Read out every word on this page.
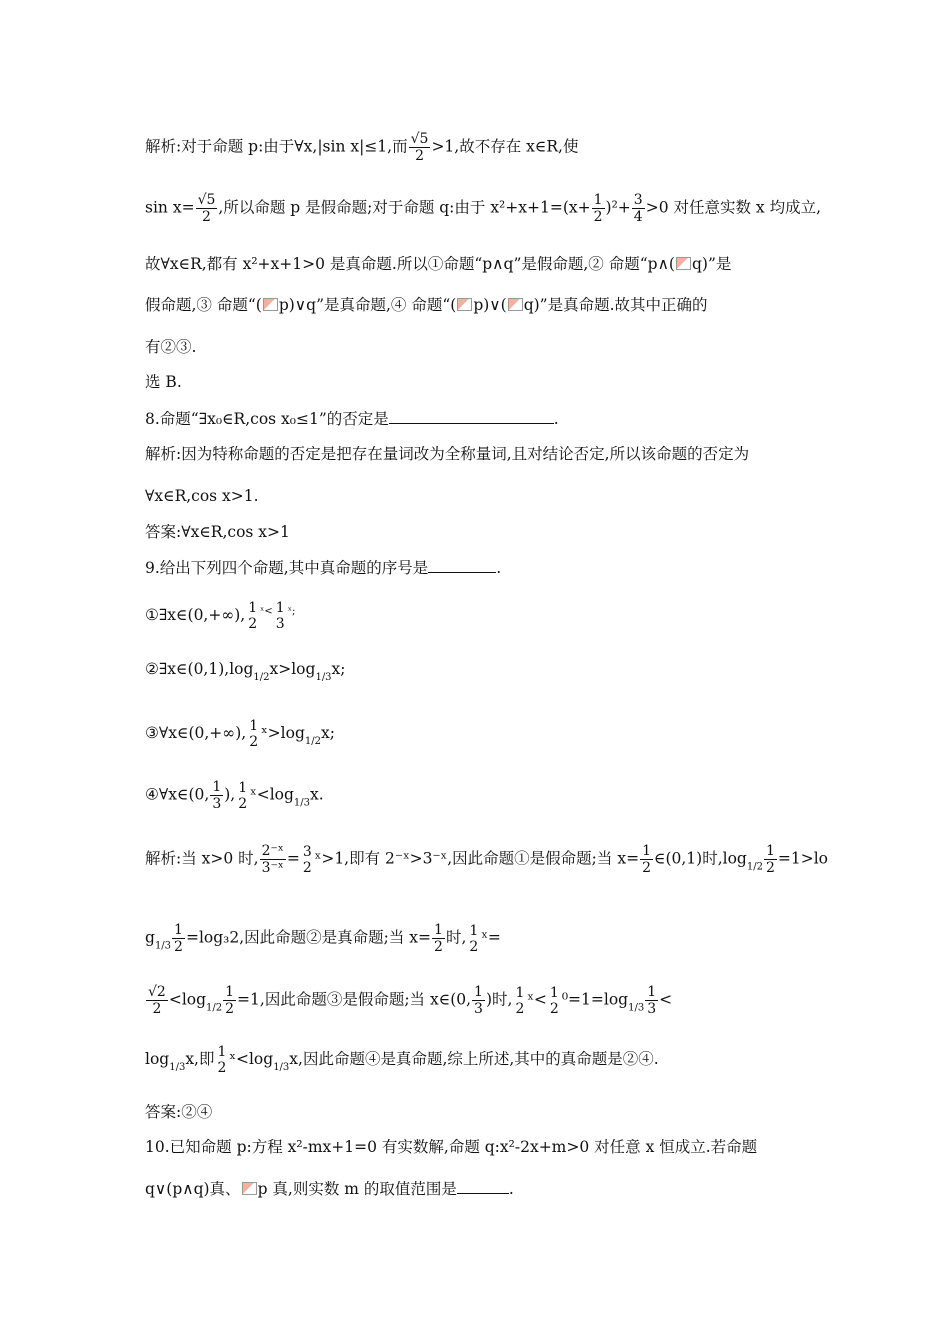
解析:对于命题 p:由于∀x,|sin x|≤1,而 $\frac{√5}{2} >1$,故不存在 x∈R,使
$\sin x= \frac{√5}{2}$ ,所以命题 p 是假命题;对于命题 q:由于 $x^2+x+1=(x+ \frac{1}{2} )^2+ \frac{3}{4} >0$ 对任意实数 x 均成立,
故∀x∈R,都有 x²+x+1>0 是真命题.所以①命题“p∧q”是假命题,② 命题“p∧( q)”是
假命题,③ 命题“( p)∨q”是真命题,④ 命题“( p)∨( q)”是真命题.故其中正确的
有②③.
选 B.
8.命题“∃x₀∈R,cos x₀≤1”的否定是	.
解析:因为特称命题的否定是把存在量词改为全称量词,且对结论否定,所以该命题的否定为
∀x∈R,cos x>1.
答案:∀x∈R,cos x>1
9.给出下列四个命题,其中真命题的序号是	.
①∃x∈(0,+∞), 1
2
$^{ˣ<}$ 1
3
$^{ˣ;}$
$②\exists x\in(0,1),\log_{1/2}x>\log_{1/3}x$;
③∀x∈(0,+∞), 1
2 $ˣ>\log_{1/2}x$;
④∀x∈(0, $\frac{1}{3}$ ), 1
2 $ˣ<\log_{1/3}x$.
解析:当 x>0 时, $\frac{\text{2⁻ˣ}}{\text{3⁻ˣ}} = 3$
2 ˣ>1,即有 2⁻ˣ>3⁻ˣ,因此命题①是假命题;当 $x= \frac{1}{2}$ ∈(0,1)时$,\log_{1/2} \frac{1}{2} =1>lo$
$g_{1/3} \frac{1}{2} =\log_32$,因此命题②是真命题;当 $x= \frac{1}{2}$ 时, 1
2 ˣ=
$\frac{√2}{2} <\log_{1/2} \frac{1}{2} =1$,因此命题③是假命题;当 x∈(0, $\frac{1}{3}$ )时, 1
2 ˣ< 1
2 $^0=1=\log_{1/3} \frac{1}{3}$ <
$\log_{1/3}x$,即 1
2 $ˣ<\log_{1/3}x$,因此命题④是真命题,综上所述,其中的真命题是②④.
答案:②④
10.已知命题 p:方程 x²-mx+1=0 有实数解,命题 q:x²-2x+m>0 对任意 x 恒成立.若命题
q∨(p∧q)真、 p 真,则实数 m 的取值范围是	.
